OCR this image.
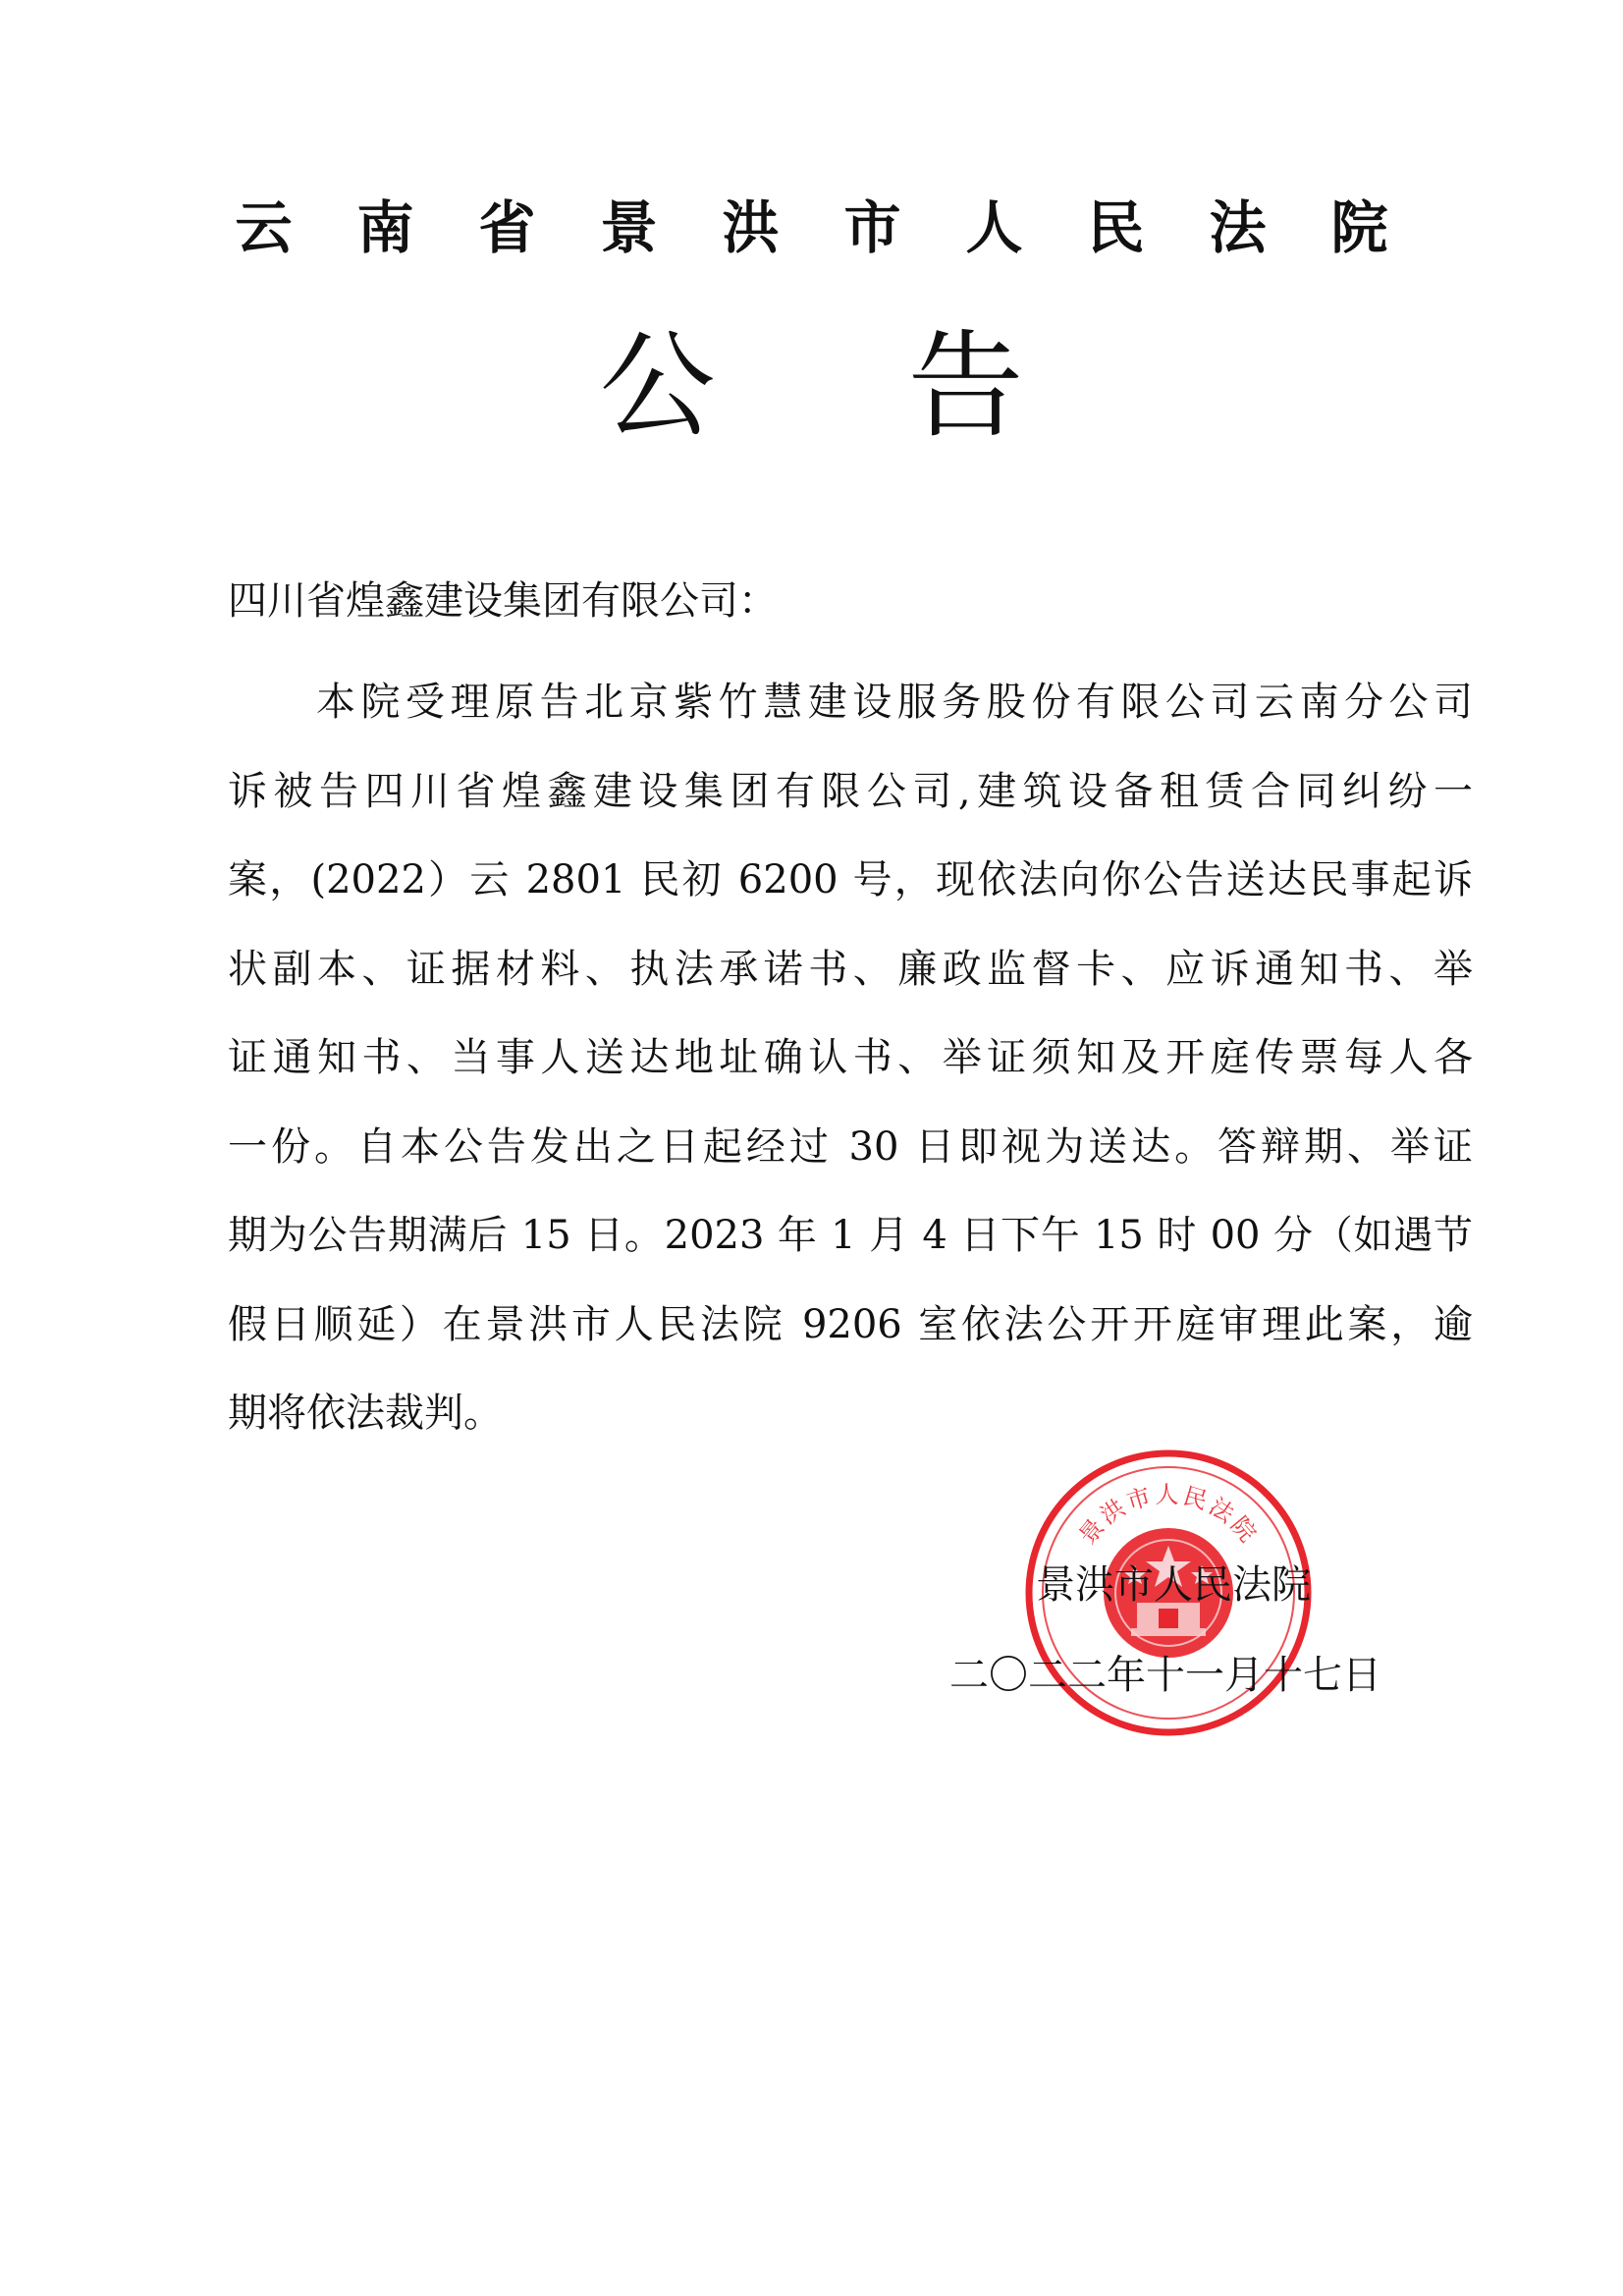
云南省景洪市人民法院
公告
四川省煌鑫建设集团有限公司：
本院受理原告北京紫竹慧建设服务股份有限公司云南分公司
诉被告四川省煌鑫建设集团有限公司,建筑设备租赁合同纠纷一
案，(2022）云 2801 民初 6200 号，现依法向你公告送达民事起诉
状副本、证据材料、执法承诺书、廉政监督卡、应诉通知书、举
证通知书、当事人送达地址确认书、举证须知及开庭传票每人各
一份。自本公告发出之日起经过 30 日即视为送达。答辩期、举证
期为公告期满后 15 日。2023 年 1 月 4 日下午 15 时 00 分（如遇节
假日顺延）在景洪市人民法院 9206 室依法公开开庭审理此案，逾
期将依法裁判。
景洪市人民法院
景洪市人民法院
二〇二二年十一月十七日
